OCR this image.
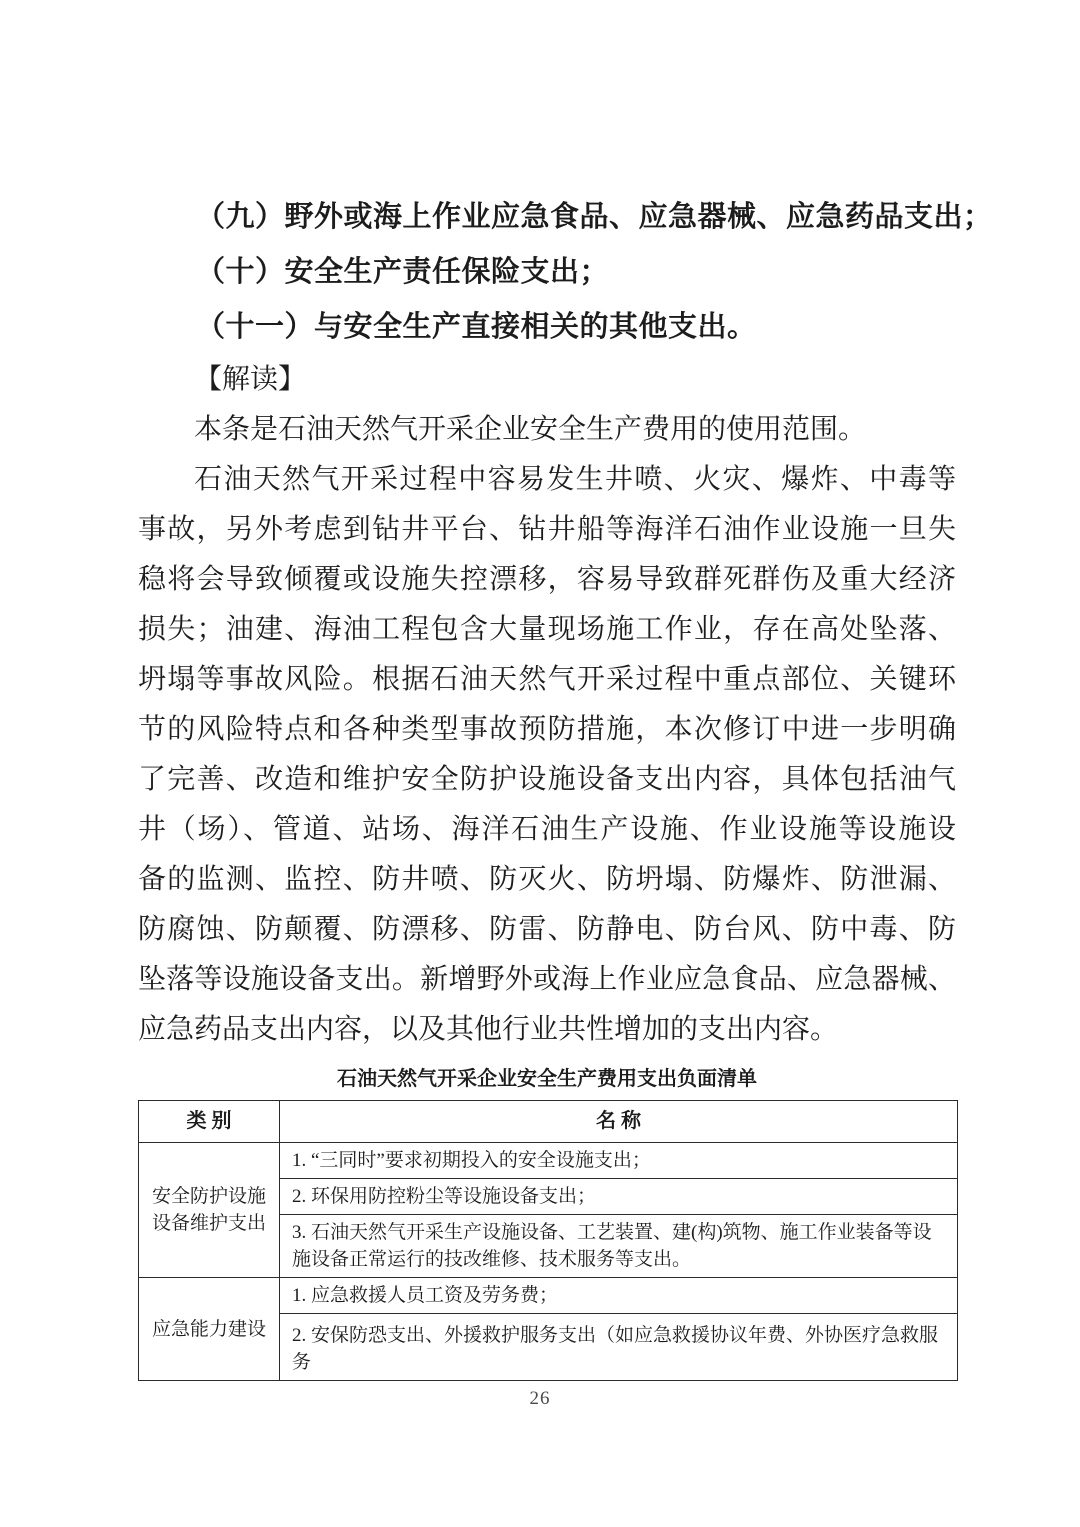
（九）野外或海上作业应急食品、应急器械、应急药品支出；
（十）安全生产责任保险支出；
（十一）与安全生产直接相关的其他支出。
【解读】
本条是石油天然气开采企业安全生产费用的使用范围。
石油天然气开采过程中容易发生井喷、火灾、爆炸、中毒等
事故，另外考虑到钻井平台、钻井船等海洋石油作业设施一旦失
稳将会导致倾覆或设施失控漂移，容易导致群死群伤及重大经济
损失；油建、海油工程包含大量现场施工作业，存在高处坠落、
坍塌等事故风险。根据石油天然气开采过程中重点部位、关键环
节的风险特点和各种类型事故预防措施，本次修订中进一步明确
了完善、改造和维护安全防护设施设备支出内容，具体包括油气
井（场）、管道、站场、海洋石油生产设施、作业设施等设施设
备的监测、监控、防井喷、防灭火、防坍塌、防爆炸、防泄漏、
防腐蚀、防颠覆、防漂移、防雷、防静电、防台风、防中毒、防
坠落等设施设备支出。新增野外或海上作业应急食品、应急器械、
应急药品支出内容，以及其他行业共性增加的支出内容。
石油天然气开采企业安全生产费用支出负面清单
类 别	名 称

安全防护设施
设备维护支出	1. “三同时”要求初期投入的安全设施支出；
	2. 环保用防控粉尘等设施设备支出；
	3. 石油天然气开采生产设施设备、工艺装置、建(构)筑物、施工作业装备等设施设备正常运行的技改维修、技术服务等支出。

应急能力建设	1. 应急救援人员工资及劳务费；
	2. 安保防恐支出、外援救护服务支出（如应急救援协议年费、外协医疗急救服务
26
